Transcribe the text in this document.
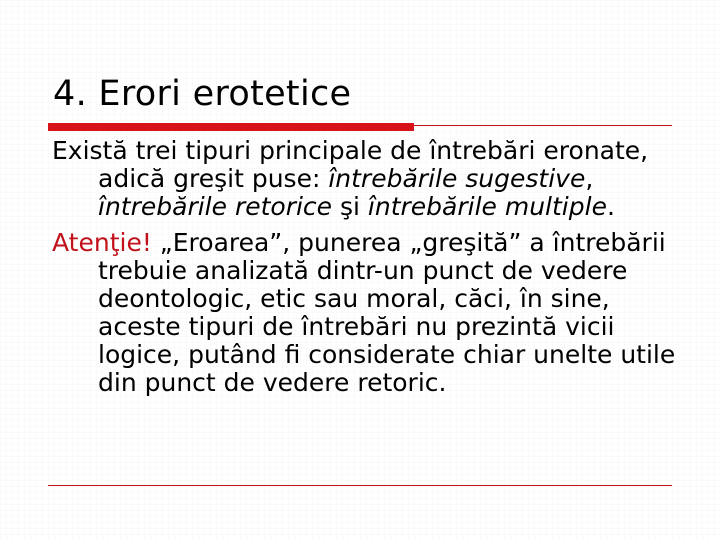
4. Erori erotetice

Există trei tipuri principale de întrebări eronate, adică greşit puse: întrebările sugestive, întrebările retorice şi întrebările multiple.

Atenţie! „Eroarea”, punerea „greşită” a întrebării trebuie analizată dintr-un punct de vedere deontologic, etic sau moral, căci, în sine, aceste tipuri de întrebări nu prezintă vicii logice, putând fi considerate chiar unelte utile din punct de vedere retoric.
